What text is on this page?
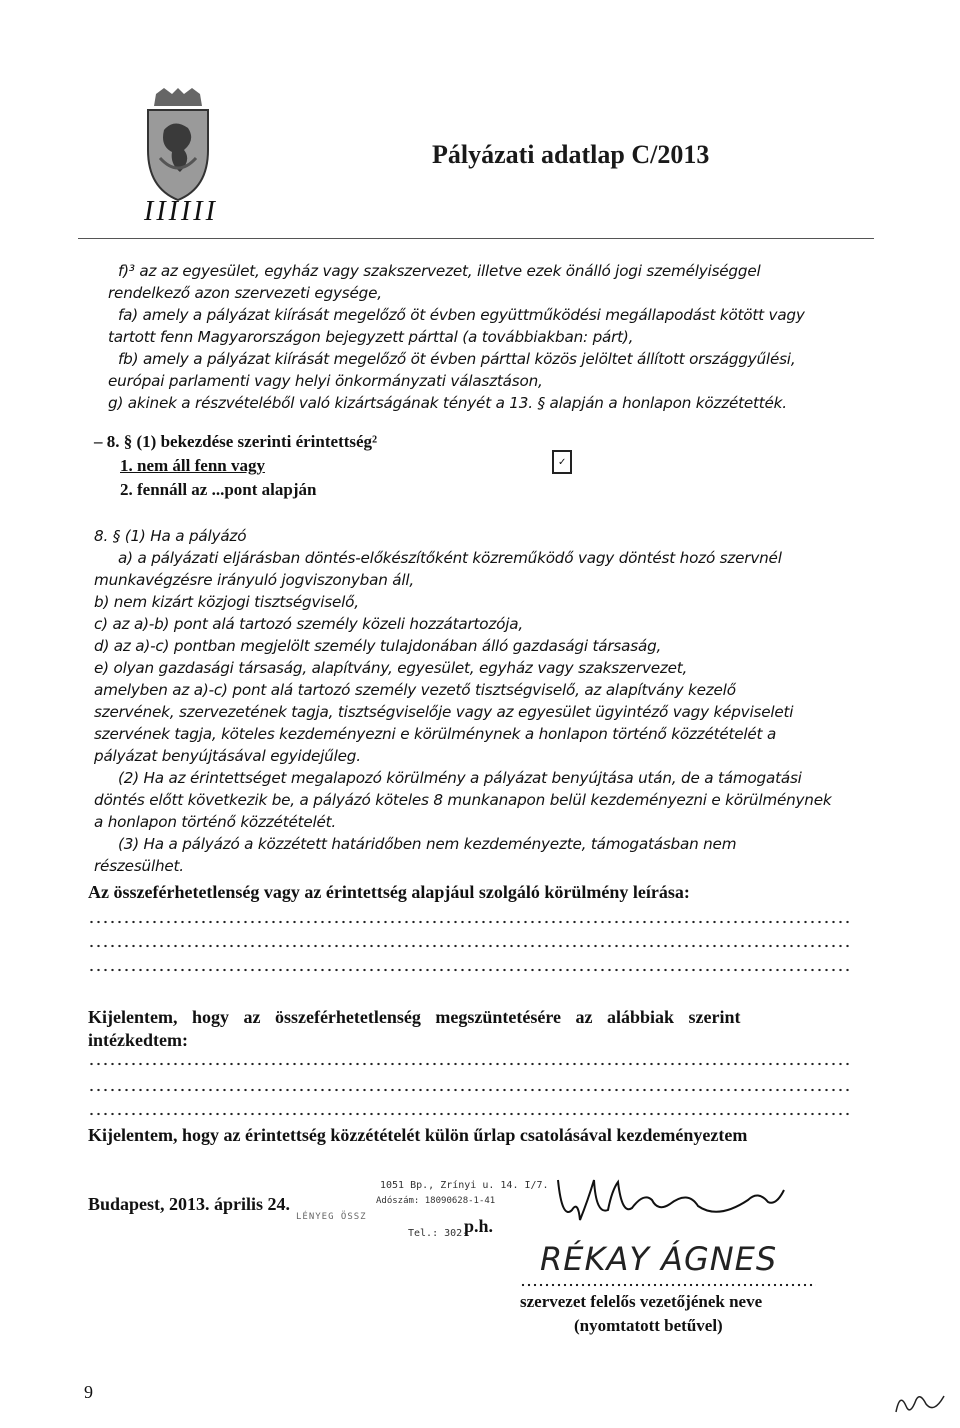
IIIIII
Pályázati adatlap C/2013
f)³ az az egyesület, egyház vagy szakszervezet, illetve ezek önálló jogi személyiséggel
rendelkező azon szervezeti egysége,
fa) amely a pályázat kiírását megelőző öt évben együttműködési megállapodást kötött vagy
tartott fenn Magyarországon bejegyzett párttal (a továbbiakban: párt),
fb) amely a pályázat kiírását megelőző öt évben párttal közös jelöltet állított országgyűlési,
európai parlamenti vagy helyi önkormányzati választáson,
g) akinek a részvételéből való kizártságának tényét a 13. § alapján a honlapon közzétették.
– 8. § (1) bekezdése szerinti érintettség²
1. nem áll fenn vagy
2. fennáll az ...pont alapján
✓
8. § (1) Ha a pályázó
a) a pályázati eljárásban döntés-előkészítőként közreműködő vagy döntést hozó szervnél
munkavégzésre irányuló jogviszonyban áll,
b) nem kizárt közjogi tisztségviselő,
c) az a)-b) pont alá tartozó személy közeli hozzátartozója,
d) az a)-c) pontban megjelölt személy tulajdonában álló gazdasági társaság,
e) olyan gazdasági társaság, alapítvány, egyesület, egyház vagy szakszervezet,
amelyben az a)-c) pont alá tartozó személy vezető tisztségviselő, az alapítvány kezelő
szervének, szervezetének tagja, tisztségviselője vagy az egyesület ügyintéző vagy képviseleti
szervének tagja, köteles kezdeményezni e körülménynek a honlapon történő közzétételét a
pályázat benyújtásával egyidejűleg.
(2) Ha az érintettséget megalapozó körülmény a pályázat benyújtása után, de a támogatási
döntés előtt következik be, a pályázó köteles 8 munkanapon belül kezdeményezni e körülménynek
a honlapon történő közzétételét.
(3) Ha a pályázó a közzétett határidőben nem kezdeményezte, támogatásban nem
részesülhet.
Az összeférhetetlenség vagy az érintettség alapjául szolgáló körülmény leírása:
Kijelentem, hogy az összeférhetetlenség megszüntetésére az alábbiak szerint
intézkedtem:
Kijelentem, hogy az érintettség közzétételét külön űrlap csatolásával kezdeményeztem
Budapest, 2013. április 24.
1051 Bp., Zrínyi u. 14. I/7.
Adószám: 18090628-1-41
LÉNYEG ÖSSZ
Tel.: 302-
p.h.
RÉKAY ÁGNES
szervezet felelős vezetőjének neve
(nyomtatott betűvel)
9
